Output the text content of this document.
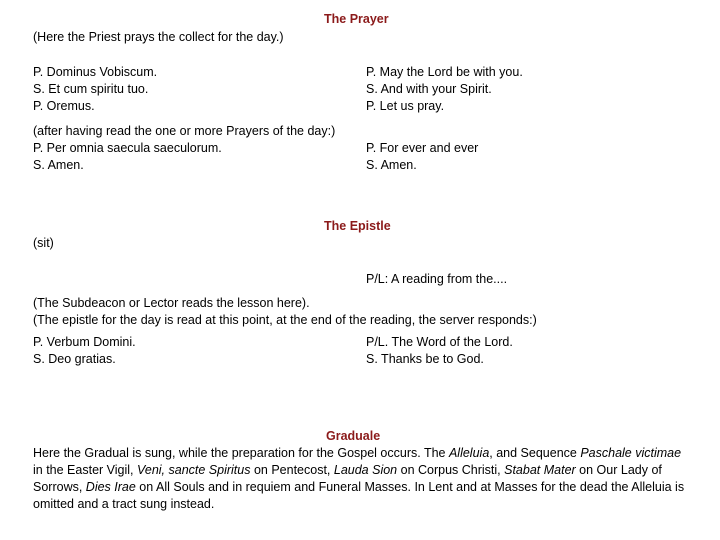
The Prayer
(Here the Priest prays the collect for the day.)
P. Dominus Vobiscum.
S. Et cum spiritu tuo.
P. Oremus.
P. May the Lord be with you.
S. And with your Spirit.
P. Let us pray.
(after having read the one or more Prayers of the day:)
P. Per omnia saecula saeculorum.
S. Amen.
P. For ever and ever
S. Amen.
The Epistle
(sit)
P/L: A reading from the....
(The Subdeacon or Lector reads the lesson here).
(The epistle for the day is read at this point, at the end of the reading, the server responds:)
P. Verbum Domini.
S. Deo gratias.
P/L. The Word of the Lord.
S. Thanks be to God.
Graduale
Here the Gradual is sung, while the preparation for the Gospel occurs. The Alleluia, and Sequence Paschale victimae in the Easter Vigil, Veni, sancte Spiritus on Pentecost, Lauda Sion on Corpus Christi, Stabat Mater on Our Lady of Sorrows, Dies Irae on All Souls and in requiem and Funeral Masses. In Lent and at Masses for the dead the Alleluia is omitted and a tract sung instead.
